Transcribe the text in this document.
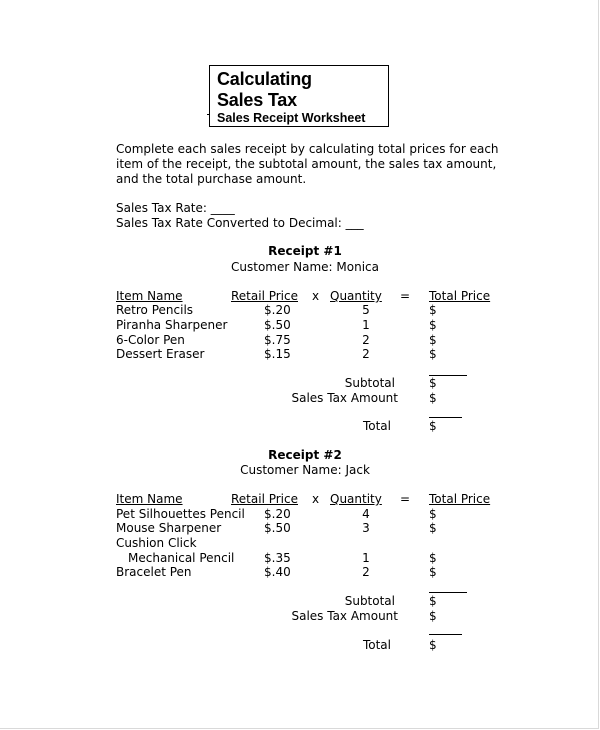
Calculating
Sales Tax
Sales Receipt Worksheet
Complete each sales receipt by calculating total prices for each
item of the receipt, the subtotal amount, the sales tax amount,
and the total purchase amount.
Sales Tax Rate: ____
Sales Tax Rate Converted to Decimal: ___
Receipt #1
Customer Name: Monica
Item Name	Retail Price x Quantity = Total Price
Retro Pencils	$.20	5	$
Piranha Sharpener	$.50	1	$
6-Color Pen	$.75	2	$
Dessert Eraser	$.15	2	$
Subtotal	$
Sales Tax Amount	$
Total	$
Receipt #2
Customer Name: Jack
Item Name	Retail Price x Quantity = Total Price
Pet Silhouettes Pencil $.20	4	$
Mouse Sharpener	$.50	3	$
Cushion Click
Mechanical Pencil $.35	1	$
Bracelet Pen	$.40	2	$
Subtotal	$
Sales Tax Amount	$
Total	$
